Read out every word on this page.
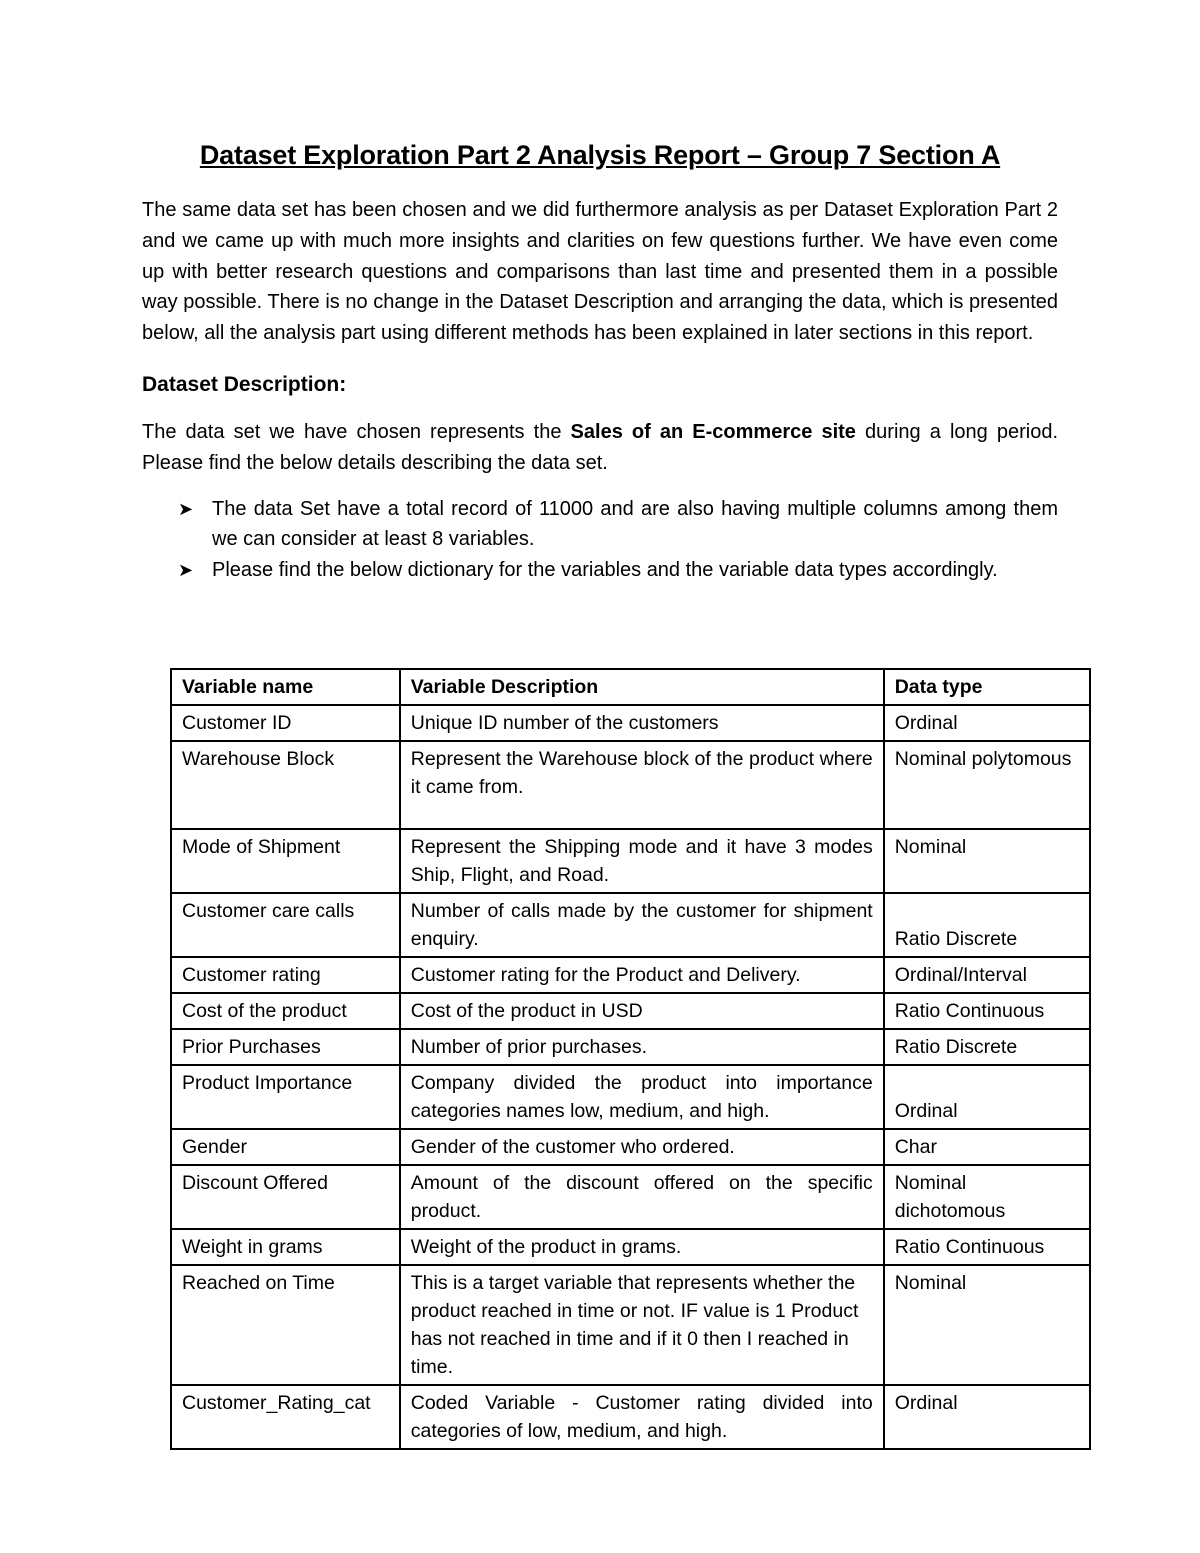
Dataset Exploration Part 2 Analysis Report – Group 7 Section A

The same data set has been chosen and we did furthermore analysis as per Dataset Exploration Part 2 and we came up with much more insights and clarities on few questions further. We have even come up with better research questions and comparisons than last time and presented them in a possible way possible. There is no change in the Dataset Description and arranging the data, which is presented below, all the analysis part using different methods has been explained in later sections in this report.

Dataset Description:

The data set we have chosen represents the Sales of an E-commerce site during a long period. Please find the below details describing the data set.

➤ The data Set have a total record of 11000 and are also having multiple columns among them we can consider at least 8 variables.
➤ Please find the below dictionary for the variables and the variable data types accordingly.
Variable name	Variable Description	Data type
Customer ID	Unique ID number of the customers	Ordinal
Warehouse Block	Represent the Warehouse block of the product where it came from.	Nominal polytomous
Mode of Shipment	Represent the Shipping mode and it have 3 modes Ship, Flight, and Road.	Nominal
Customer care calls	Number of calls made by the customer for shipment enquiry.	Ratio Discrete
Customer rating	Customer rating for the Product and Delivery.	Ordinal/Interval
Cost of the product	Cost of the product in USD	Ratio Continuous
Prior Purchases	Number of prior purchases.	Ratio Discrete
Product Importance	Company divided the product into importance categories names low, medium, and high.	Ordinal
Gender	Gender of the customer who ordered.	Char
Discount Offered	Amount of the discount offered on the specific product.	Nominal dichotomous
Weight in grams	Weight of the product in grams.	Ratio Continuous
Reached on Time	This is a target variable that represents whether the product reached in time or not. IF value is 1 Product has not reached in time and if it 0 then I reached in time.	Nominal
Customer_Rating_cat	Coded Variable - Customer rating divided into categories of low, medium, and high.	Ordinal
